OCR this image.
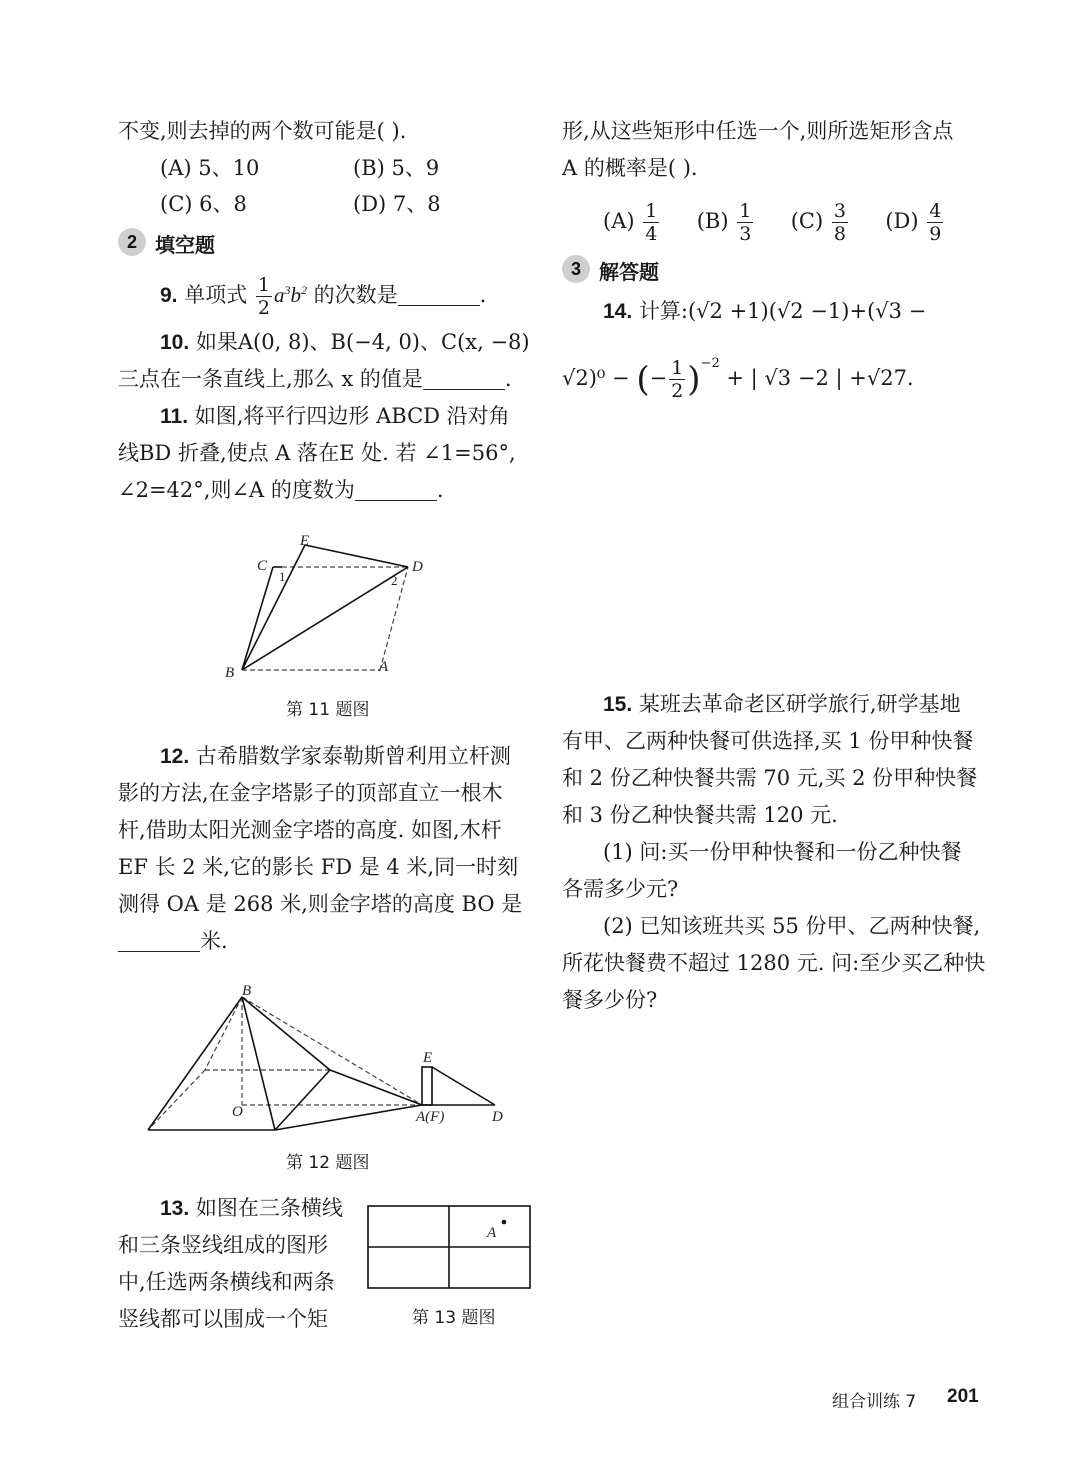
不变,则去掉的两个数可能是( ).
(A) 5、10	(B) 5、9
(C) 6、8	(D) 7、8
2 填空题
9. 单项式 $\frac{1}{2} a^3b^2$ 的次数是	.
10. 如果A(0, 8)、B(−4, 0)、C(x, −8)
三点在一条直线上,那么 x 的值是	.
11. 如图,将平行四边形 ABCD 沿对角
线BD 折叠,使点 A 落在E 处. 若 ∠1=56°,
∠2=42°,则∠A 的度数为	.
E
C	D
B	A
1	2
第 11 题图
12. 古希腊数学家泰勒斯曾利用立杆测
影的方法,在金字塔影子的顶部直立一根木
杆,借助太阳光测金字塔的高度. 如图,木杆
EF 长 2 米,它的影长 FD 是 4 米,同一时刻
测得 OA 是 268 米,则金字塔的高度 BO 是
米.
B
O
E
A(F)	D
第 12 题图
13. 如图在三条横线
和三条竖线组成的图形
中,任选两条横线和两条
竖线都可以围成一个矩
A
第 13 题图
形,从这些矩形中任选一个,则所选矩形含点
A 的概率是( ).
$(A) \frac{1}{4} (B) \frac{1}{3} (C) \frac{3}{8} (D) \frac{4}{9}$
3 解答题
14. 计算:(√2 +1)(√2 −1)+(√3 −
√2)⁰ − (− $\frac{1}{2} )^{-2}$ + | √3 −2 | +√27.
15. 某班去革命老区研学旅行,研学基地
有甲、乙两种快餐可供选择,买 1 份甲种快餐
和 2 份乙种快餐共需 70 元,买 2 份甲种快餐
和 3 份乙种快餐共需 120 元.
(1) 问:买一份甲种快餐和一份乙种快餐
各需多少元?
(2) 已知该班共买 55 份甲、乙两种快餐,
所花快餐费不超过 1280 元. 问:至少买乙种快
餐多少份?
组合训练 7 201
